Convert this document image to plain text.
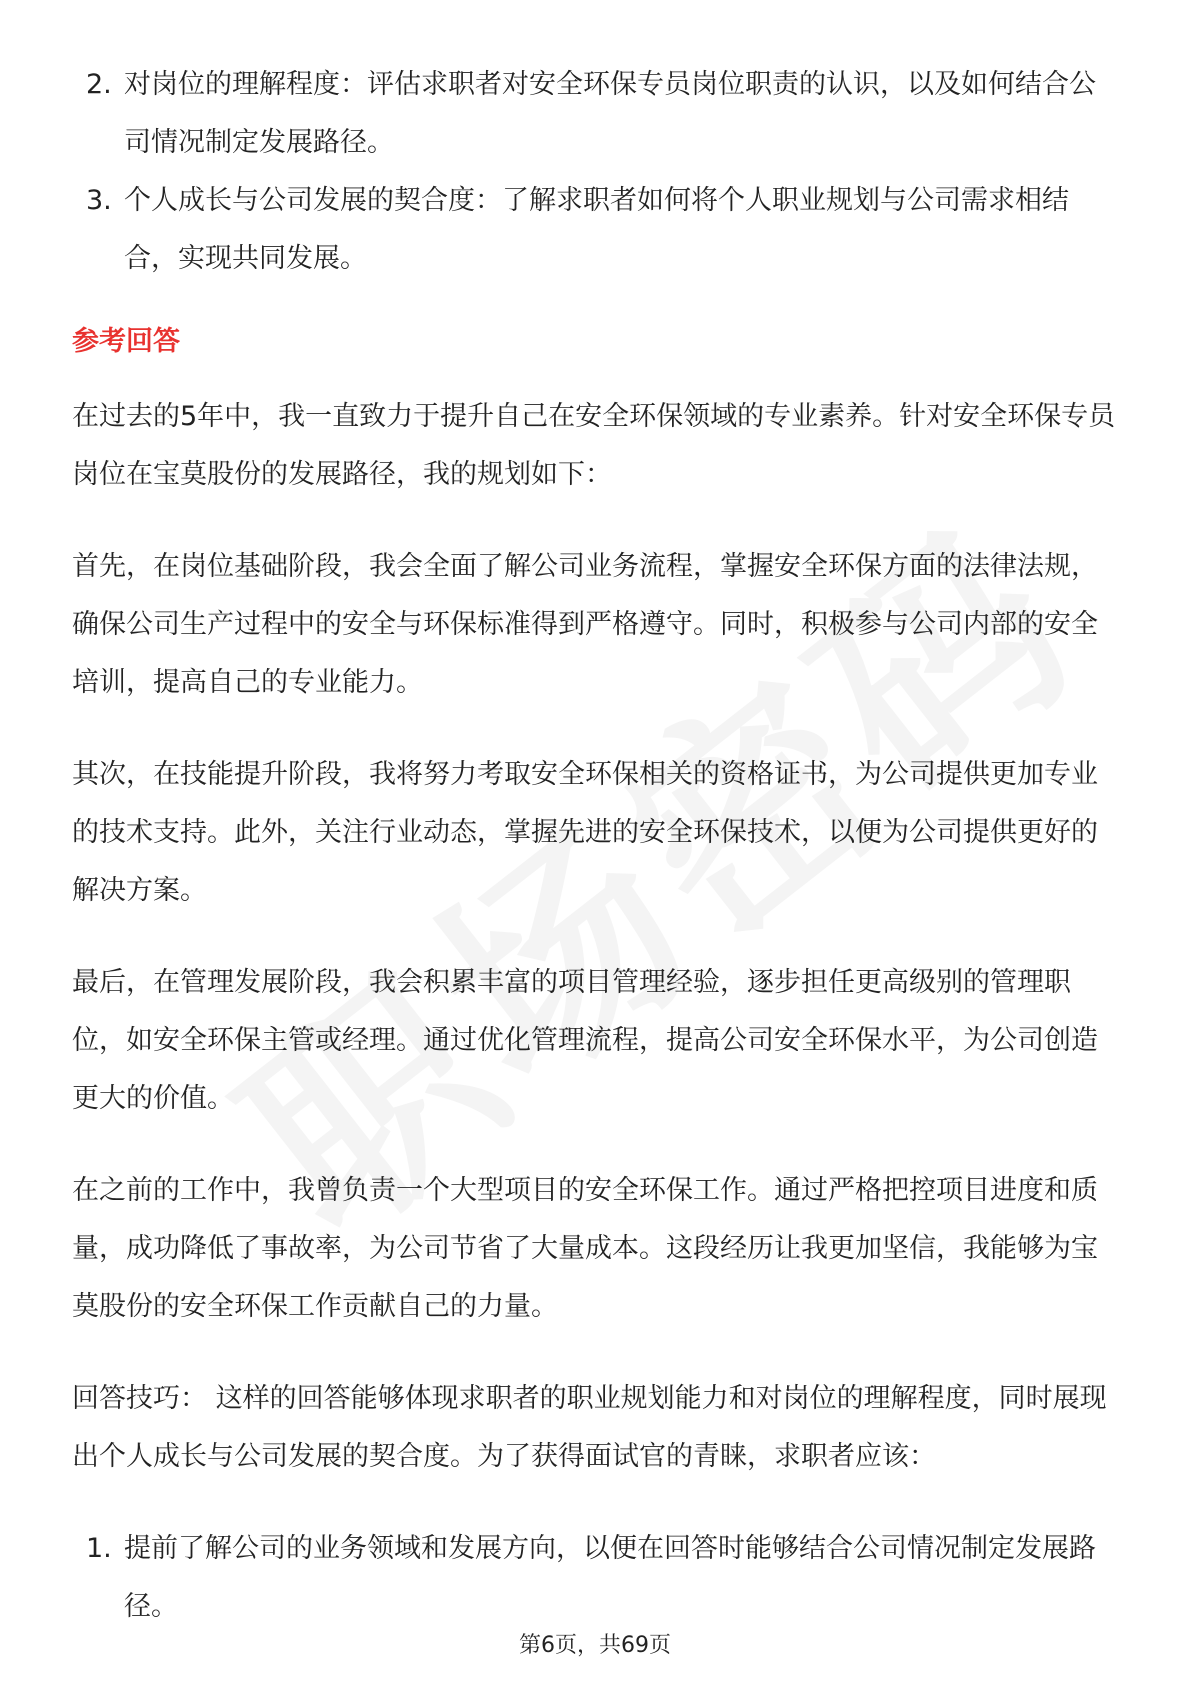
2. 对岗位的理解程度：评估求职者对安全环保专员岗位职责的认识，以及如何结合公司情况制定发展路径。
3. 个人成长与公司发展的契合度：了解求职者如何将个人职业规划与公司需求相结合，实现共同发展。
参考回答
在过去的5年中，我一直致力于提升自己在安全环保领域的专业素养。针对安全环保专员岗位在宝莫股份的发展路径，我的规划如下：
首先，在岗位基础阶段，我会全面了解公司业务流程，掌握安全环保方面的法律法规，确保公司生产过程中的安全与环保标准得到严格遵守。同时，积极参与公司内部的安全培训，提高自己的专业能力。
其次，在技能提升阶段，我将努力考取安全环保相关的资格证书，为公司提供更加专业的技术支持。此外，关注行业动态，掌握先进的安全环保技术，以便为公司提供更好的解决方案。
最后，在管理发展阶段，我会积累丰富的项目管理经验，逐步担任更高级别的管理职位，如安全环保主管或经理。通过优化管理流程，提高公司安全环保水平，为公司创造更大的价值。
在之前的工作中，我曾负责一个大型项目的安全环保工作。通过严格把控项目进度和质量，成功降低了事故率，为公司节省了大量成本。这段经历让我更加坚信，我能够为宝莫股份的安全环保工作贡献自己的力量。
回答技巧： 这样的回答能够体现求职者的职业规划能力和对岗位的理解程度，同时展现出个人成长与公司发展的契合度。为了获得面试官的青睐，求职者应该：
1. 提前了解公司的业务领域和发展方向，以便在回答时能够结合公司情况制定发展路径。
第6页，共69页
